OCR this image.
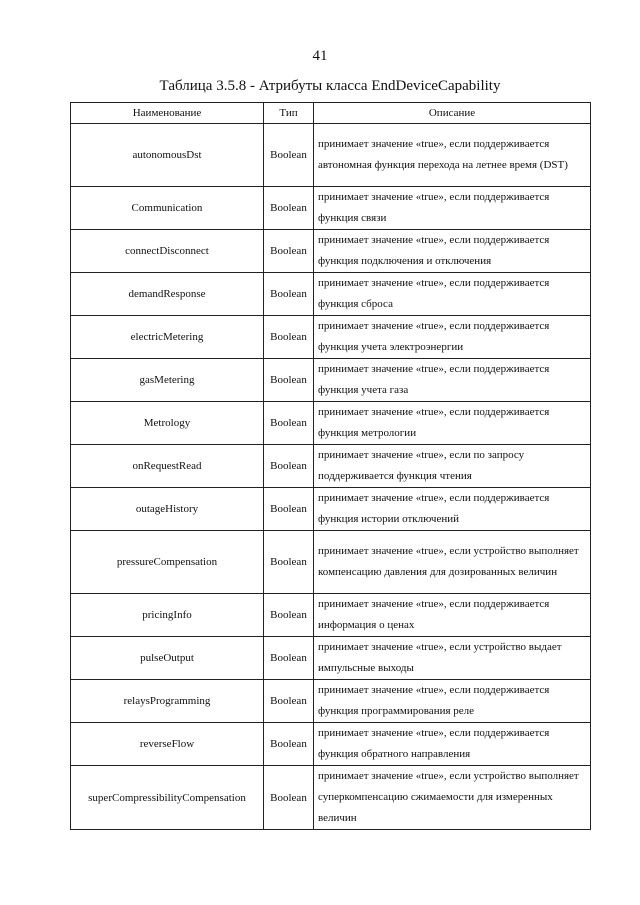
41
Таблица 3.5.8 - Атрибуты класса EndDeviceCapability
Наименование	Тип	Описание
autonomousDst	Boolean	принимает значение «true», если поддерживается автономная функция перехода на летнее время (DST)
Communication	Boolean	принимает значение «true», если поддерживается функция связи
connectDisconnect	Boolean	принимает значение «true», если поддерживается функция подключения и отключения
demandResponse	Boolean	принимает значение «true», если поддерживается функция сброса
electricMetering	Boolean	принимает значение «true», если поддерживается функция учета электроэнергии
gasMetering	Boolean	принимает значение «true», если поддерживается функция учета газа
Metrology	Boolean	принимает значение «true», если поддерживается функция метрологии
onRequestRead	Boolean	принимает значение «true», если по запросу поддерживается функция чтения
outageHistory	Boolean	принимает значение «true», если поддерживается функция истории отключений
pressureCompensation	Boolean	принимает значение «true», если устройство выполняет компенсацию давления для дозированных величин
pricingInfo	Boolean	принимает значение «true», если поддерживается информация о ценах
pulseOutput	Boolean	принимает значение «true», если устройство выдает импульсные выходы
relaysProgramming	Boolean	принимает значение «true», если поддерживается функция программирования реле
reverseFlow	Boolean	принимает значение «true», если поддерживается функция обратного направления
superCompressibilityCompensation	Boolean	принимает значение «true», если устройство выполняет суперкомпенсацию сжимаемости для измеренных величин
